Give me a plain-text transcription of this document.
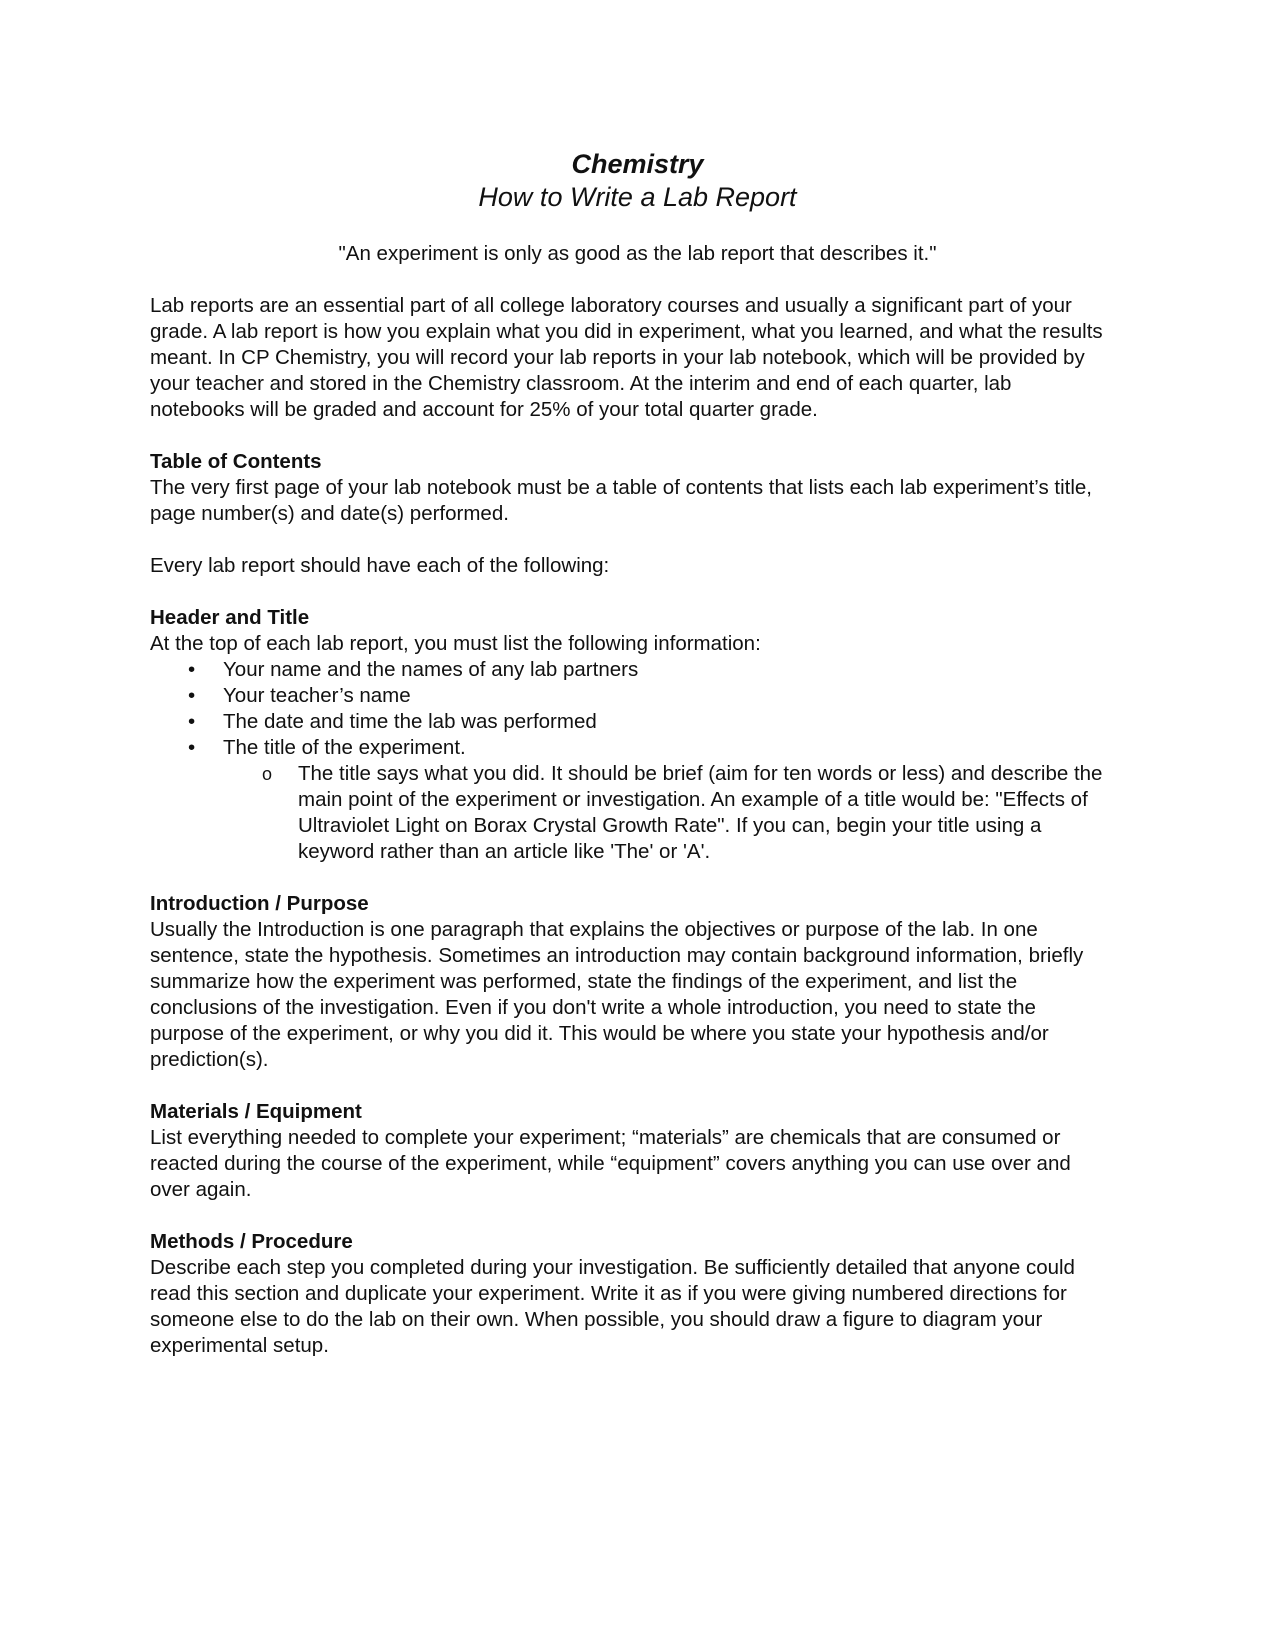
Chemistry
How to Write a Lab Report

"An experiment is only as good as the lab report that describes it."

Lab reports are an essential part of all college laboratory courses and usually a significant part of your grade. A lab report is how you explain what you did in experiment, what you learned, and what the results meant. In CP Chemistry, you will record your lab reports in your lab notebook, which will be provided by your teacher and stored in the Chemistry classroom. At the interim and end of each quarter, lab notebooks will be graded and account for 25% of your total quarter grade.

Table of Contents

The very first page of your lab notebook must be a table of contents that lists each lab experiment’s title, page number(s) and date(s) performed.

Every lab report should have each of the following:

Header and Title

At the top of each lab report, you must list the following information:

• Your name and the names of any lab partners
• Your teacher’s name
• The date and time the lab was performed
• The title of the experiment.
o The title says what you did. It should be brief (aim for ten words or less) and describe the main point of the experiment or investigation. An example of a title would be: "Effects of Ultraviolet Light on Borax Crystal Growth Rate". If you can, begin your title using a keyword rather than an article like 'The' or 'A'.

Introduction / Purpose

Usually the Introduction is one paragraph that explains the objectives or purpose of the lab. In one sentence, state the hypothesis. Sometimes an introduction may contain background information, briefly summarize how the experiment was performed, state the findings of the experiment, and list the conclusions of the investigation. Even if you don't write a whole introduction, you need to state the purpose of the experiment, or why you did it. This would be where you state your hypothesis and/or prediction(s).

Materials / Equipment

List everything needed to complete your experiment; “materials” are chemicals that are consumed or reacted during the course of the experiment, while “equipment” covers anything you can use over and over again.

Methods / Procedure

Describe each step you completed during your investigation. Be sufficiently detailed that anyone could read this section and duplicate your experiment. Write it as if you were giving numbered directions for someone else to do the lab on their own. When possible, you should draw a figure to diagram your experimental setup.
